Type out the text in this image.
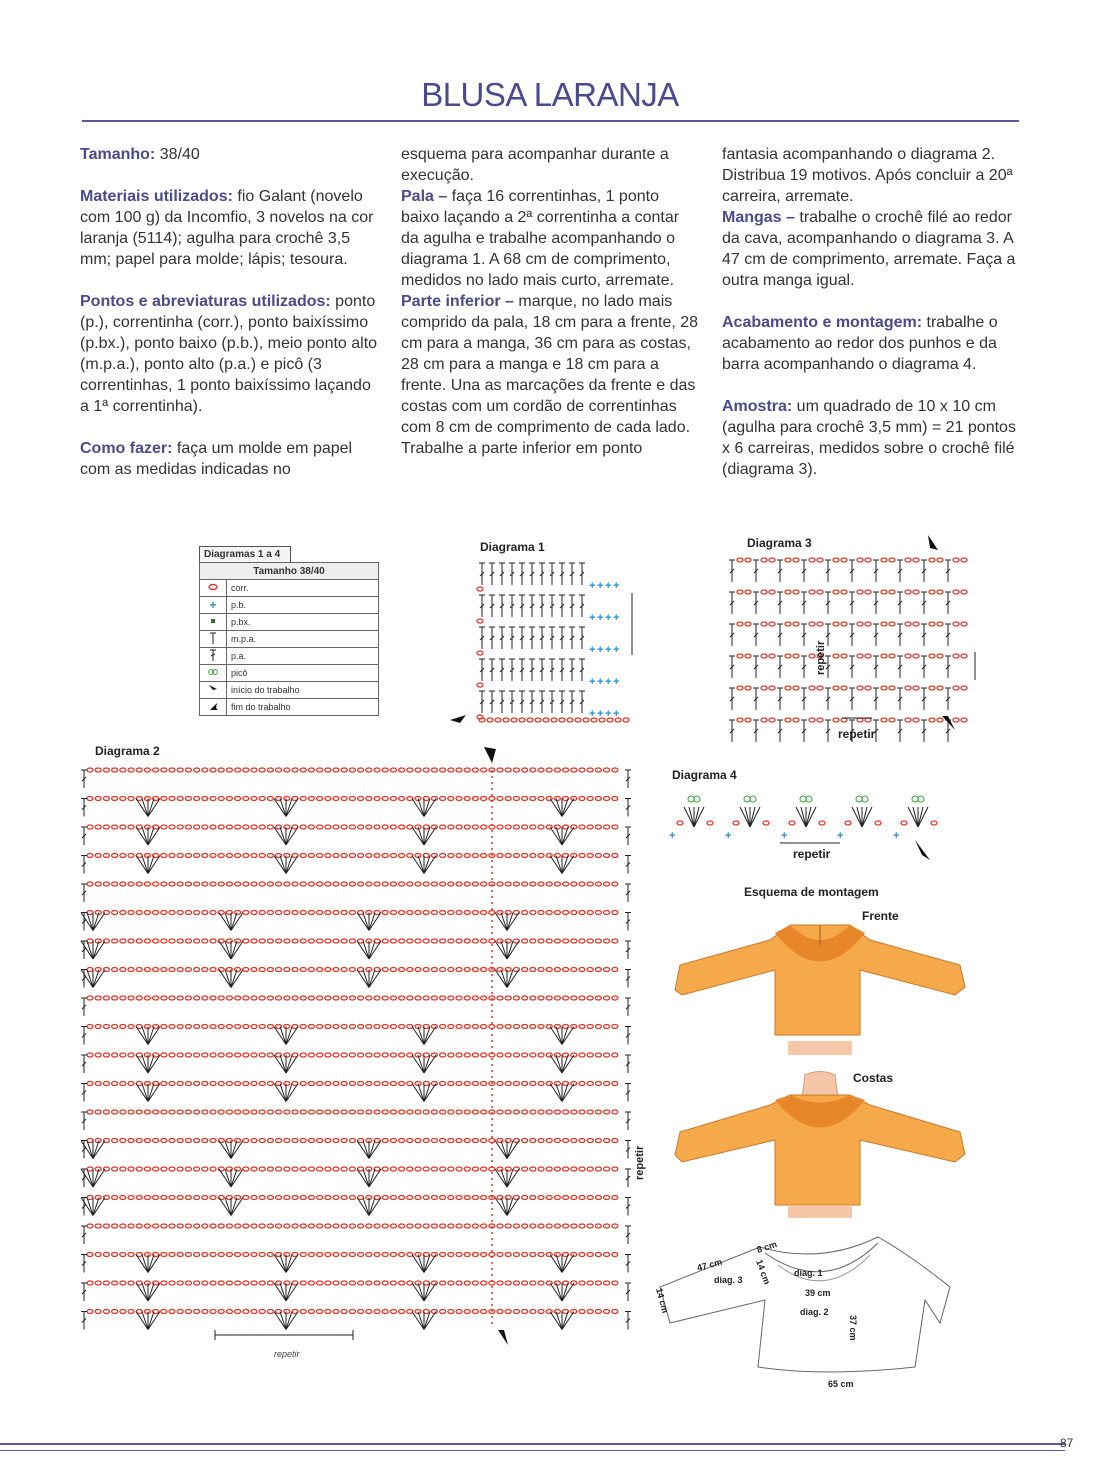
BLUSA LARANJA

Tamanho: 38/40

Materiais utilizados: fio Galant (novelo com 100 g) da Incomfio, 3 novelos na cor laranja (5114); agulha para crochê 3,5 mm; papel para molde; lápis; tesoura.

Pontos e abreviaturas utilizados: ponto (p.), correntinha (corr.), ponto baixíssimo (p.bx.), ponto baixo (p.b.), meio ponto alto (m.p.a.), ponto alto (p.a.) e picô (3 correntinhas, 1 ponto baixíssimo laçando a 1ª correntinha).

Como fazer: faça um molde em papel com as medidas indicadas no

esquema para acompanhar durante a execução.

Pala – faça 16 correntinhas, 1 ponto baixo laçando a 2ª correntinha a contar da agulha e trabalhe acompanhando o diagrama 1. A 68 cm de comprimento, medidos no lado mais curto, arremate.

Parte inferior – marque, no lado mais comprido da pala, 18 cm para a frente, 28 cm para a manga, 36 cm para as costas, 28 cm para a manga e 18 cm para a frente. Una as marcações da frente e das costas com um cordão de correntinhas com 8 cm de comprimento de cada lado. Trabalhe a parte inferior em ponto

fantasia acompanhando o diagrama 2. Distribua 19 motivos. Após concluir a 20ª carreira, arremate.

Mangas – trabalhe o crochê filé ao redor da cava, acompanhando o diagrama 3. A 47 cm de comprimento, arremate. Faça a outra manga igual.

Acabamento e montagem: trabalhe o acabamento ao redor dos punhos e da barra acompanhando o diagrama 4.

Amostra: um quadrado de 10 x 10 cm (agulha para crochê 3,5 mm) = 21 pontos x 6 carreiras, medidos sobre o crochê filé (diagrama 3).

Diagramas 1 a 4
Tamanho 38/40	
	corr.
+	p.b.
	p.bx.
	m.p.a.
	p.a.
	picô
	início do trabalho
	fim do trabalho
Diagrama 1
+ + + +
+ + + +
+ + + +
+ + + +
+ + + +
repetir
Diagrama 3
repetir
repetir
Diagrama 2
repetir
Diagrama 4
+	+	+	+	+
repetir
Esquema de montagem
Frente
Costas
8 cm
47 cm	14 cm
14 cm
diag. 1
diag. 3
39 cm
diag. 2
37 cm
65 cm
87
